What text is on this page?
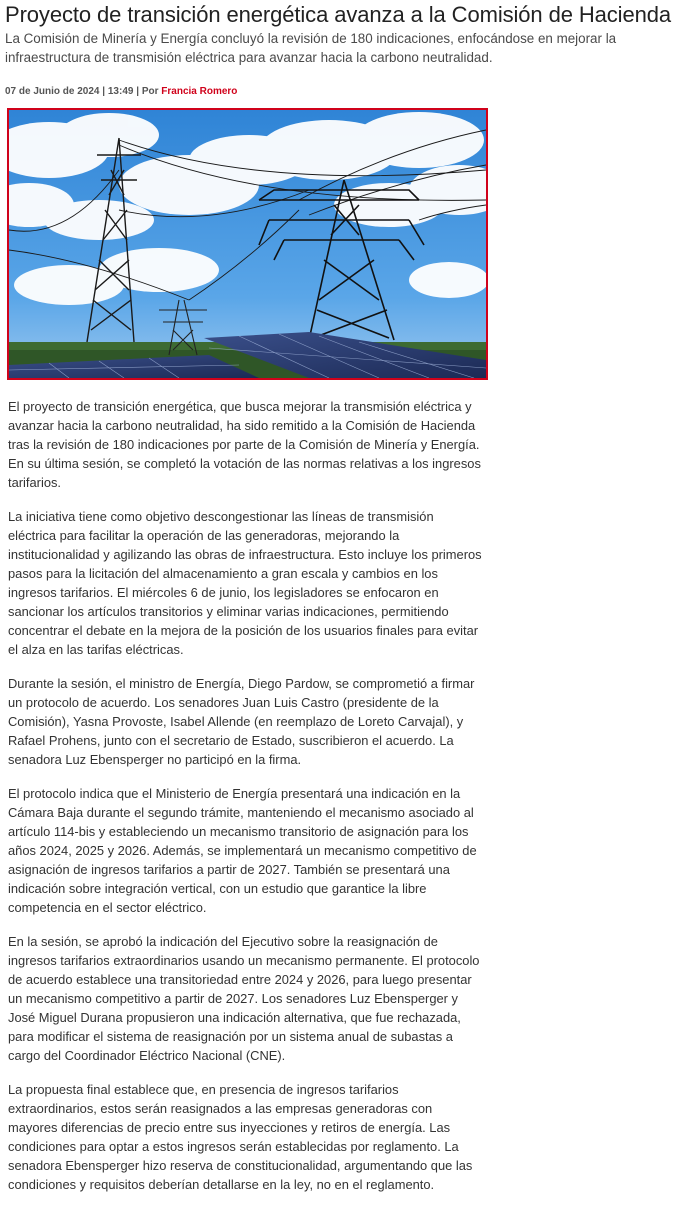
Proyecto de transición energética avanza a la Comisión de Hacienda

La Comisión de Minería y Energía concluyó la revisión de 180 indicaciones, enfocándose en mejorar la infraestructura de transmisión eléctrica para avanzar hacia la carbono neutralidad.

07 de Junio de 2024 | 13:49 | Por Francia Romero

El proyecto de transición energética, que busca mejorar la transmisión eléctrica y avanzar hacia la carbono neutralidad, ha sido remitido a la Comisión de Hacienda tras la revisión de 180 indicaciones por parte de la Comisión de Minería y Energía. En su última sesión, se completó la votación de las normas relativas a los ingresos tarifarios.

La iniciativa tiene como objetivo descongestionar las líneas de transmisión eléctrica para facilitar la operación de las generadoras, mejorando la institucionalidad y agilizando las obras de infraestructura. Esto incluye los primeros pasos para la licitación del almacenamiento a gran escala y cambios en los ingresos tarifarios. El miércoles 6 de junio, los legisladores se enfocaron en sancionar los artículos transitorios y eliminar varias indicaciones, permitiendo concentrar el debate en la mejora de la posición de los usuarios finales para evitar el alza en las tarifas eléctricas.

Durante la sesión, el ministro de Energía, Diego Pardow, se comprometió a firmar un protocolo de acuerdo. Los senadores Juan Luis Castro (presidente de la Comisión), Yasna Provoste, Isabel Allende (en reemplazo de Loreto Carvajal), y Rafael Prohens, junto con el secretario de Estado, suscribieron el acuerdo. La senadora Luz Ebensperger no participó en la firma.

El protocolo indica que el Ministerio de Energía presentará una indicación en la Cámara Baja durante el segundo trámite, manteniendo el mecanismo asociado al artículo 114-bis y estableciendo un mecanismo transitorio de asignación para los años 2024, 2025 y 2026. Además, se implementará un mecanismo competitivo de asignación de ingresos tarifarios a partir de 2027. También se presentará una indicación sobre integración vertical, con un estudio que garantice la libre competencia en el sector eléctrico.

En la sesión, se aprobó la indicación del Ejecutivo sobre la reasignación de ingresos tarifarios extraordinarios usando un mecanismo permanente. El protocolo de acuerdo establece una transitoriedad entre 2024 y 2026, para luego presentar un mecanismo competitivo a partir de 2027. Los senadores Luz Ebensperger y José Miguel Durana propusieron una indicación alternativa, que fue rechazada, para modificar el sistema de reasignación por un sistema anual de subastas a cargo del Coordinador Eléctrico Nacional (CNE).

La propuesta final establece que, en presencia de ingresos tarifarios extraordinarios, estos serán reasignados a las empresas generadoras con mayores diferencias de precio entre sus inyecciones y retiros de energía. Las condiciones para optar a estos ingresos serán establecidas por reglamento. La senadora Ebensperger hizo reserva de constitucionalidad, argumentando que las condiciones y requisitos deberían detallarse en la ley, no en el reglamento.
